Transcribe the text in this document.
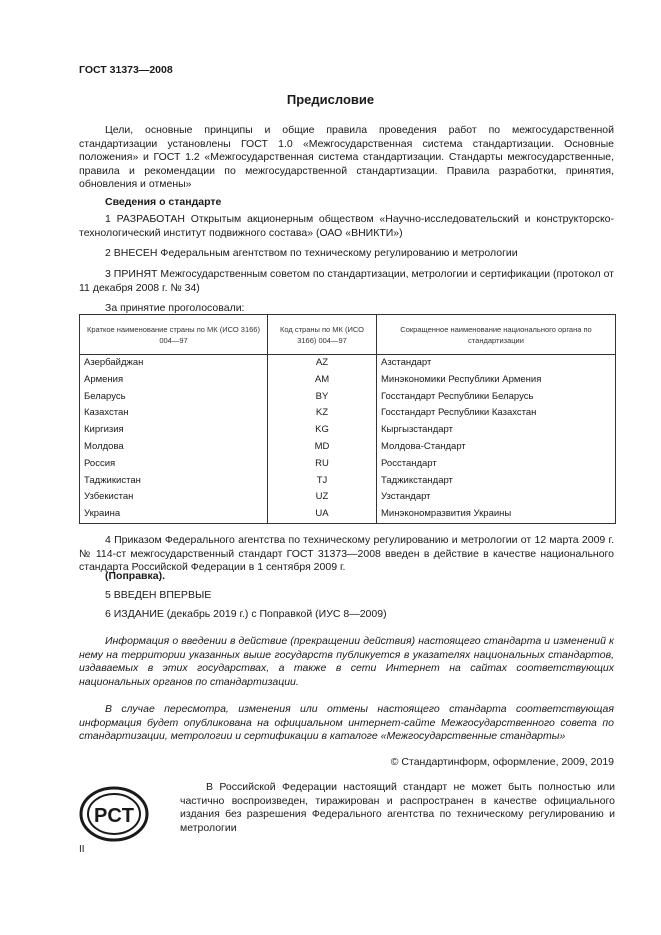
ГОСТ 31373—2008
Предисловие
Цели, основные принципы и общие правила проведения работ по межгосударственной стандартизации установлены ГОСТ 1.0 «Межгосударственная система стандартизации. Основные положения» и ГОСТ 1.2 «Межгосударственная система стандартизации. Стандарты межгосударственные, правила и рекомендации по межгосударственной стандартизации. Правила разработки, принятия, обновления и отмены»
Сведения о стандарте
1 РАЗРАБОТАН Открытым акционерным обществом «Научно-исследовательский и конструкторско-технологический институт подвижного состава» (ОАО «ВНИКТИ»)
2 ВНЕСЕН Федеральным агентством по техническому регулированию и метрологии
3 ПРИНЯТ Межгосударственным советом по стандартизации, метрологии и сертификации (протокол от 11 декабря 2008 г. № 34)
За принятие проголосовали:
Краткое наименование страны по МК (ИСО 3166) 004—97	Код страны по МК (ИСО 3166) 004—97	Сокращенное наименование национального органа по стандартизации
Азербайджан	AZ	Азстандарт
Армения	AM	Минэкономики Республики Армения
Беларусь	BY	Госстандарт Республики Беларусь
Казахстан	KZ	Госстандарт Республики Казахстан
Киргизия	KG	Кыргызстандарт
Молдова	MD	Молдова-Стандарт
Россия	RU	Росстандарт
Таджикистан	TJ	Таджикстандарт
Узбекистан	UZ	Узстандарт
Украина	UA	Минэкономразвития Украины
4 Приказом Федерального агентства по техническому регулированию и метрологии от 12 марта 2009 г. № 114-ст межгосударственный стандарт ГОСТ 31373—2008 введен в действие в качестве национального стандарта Российской Федерации в 1 сентября 2009 г.
(Поправка).
5 ВВЕДЕН ВПЕРВЫЕ
6 ИЗДАНИЕ (декабрь 2019 г.) с Поправкой (ИУС 8—2009)
Информация о введении в действие (прекращении действия) настоящего стандарта и изменений к нему на территории указанных выше государств публикуется в указателях национальных стандартов, издаваемых в этих государствах, а также в сети Интернет на сайтах соответствующих национальных органов по стандартизации.
В случае пересмотра, изменения или отмены настоящего стандарта соответствующая информация будет опубликована на официальном интернет-сайте Межгосударственного совета по стандартизации, метрологии и сертификации в каталоге «Межгосударственные стандарты»
© Стандартинформ, оформление, 2009, 2019
PCT
В Российской Федерации настоящий стандарт не может быть полностью или частично воспроизведен, тиражирован и распространен в качестве официального издания без разрешения Федерального агентства по техническому регулированию и метрологии
II
